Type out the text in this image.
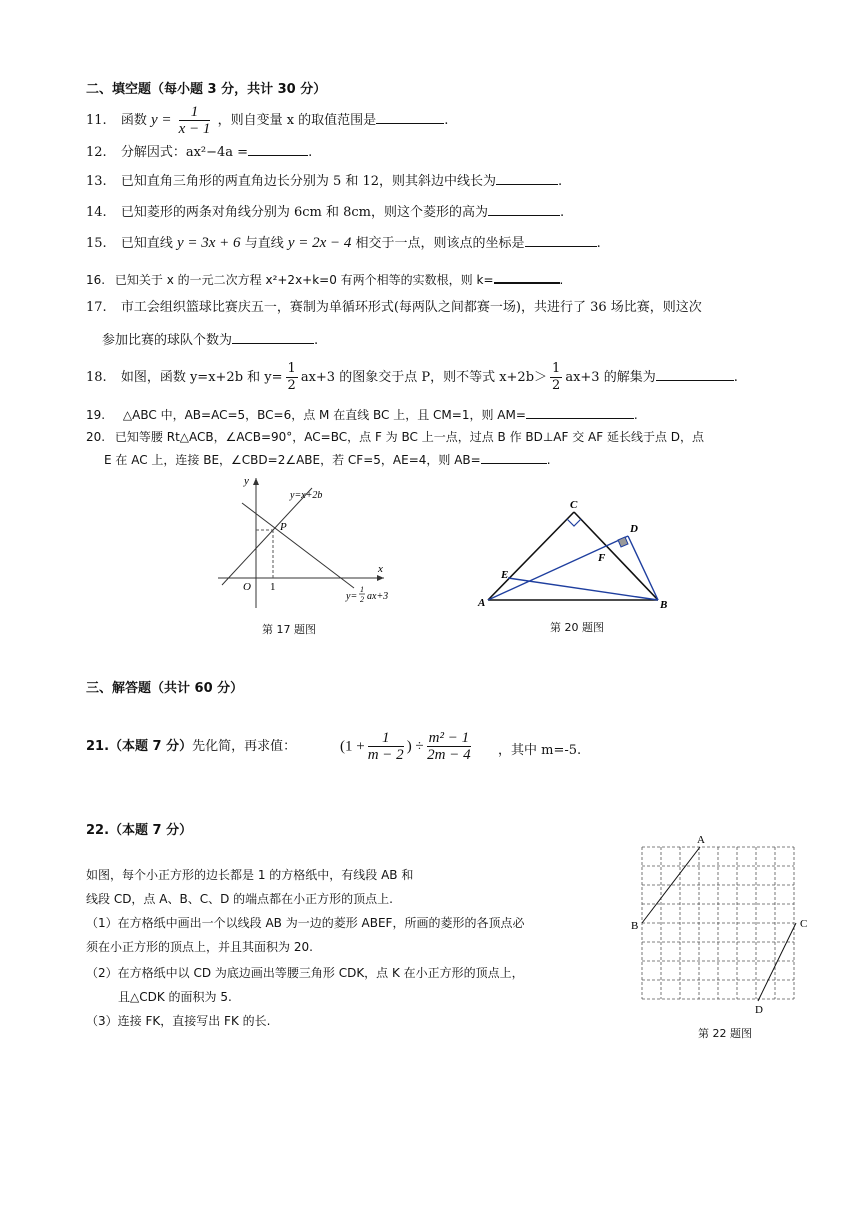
二、填空题（每小题 3 分，共计 30 分）
11. 函数 $y = \frac{1}{x - 1}$ ，则自变量 x 的取值范围是	.
12. 分解因式：ax²−4a =	.
13. 已知直角三角形的两直角边长分别为 5 和 12，则其斜边中线长为	.
14. 已知菱形的两条对角线分别为 6cm 和 8cm，则这个菱形的高为	.
15. 已知直线 y = 3x + 6 与直线 y = 2x − 4 相交于一点，则该点的坐标是	.
16. 已知关于 x 的一元二次方程 x²+2x+k=0 有两个相等的实数根，则 k=	.
17. 市工会组织篮球比赛庆五一，赛制为单循环形式(每两队之间都赛一场)，共进行了 36 场比赛，则这次
参加比赛的球队个数为	.
18. 如图，函数 y=x+2b 和 $y= \frac{1}{2} ax+3$ 的图象交于点 P，则不等式 $x+2b> \frac{1}{2} ax+3$ 的解集为	.
19. △ABC 中，AB=AC=5，BC=6，点 M 在直线 BC 上，且 CM=1，则 AM=	.
20. 已知等腰 Rt△ACB，∠ACB=90°，AC=BC，点 F 为 BC 上一点，过点 B 作 BD⊥AF 交 AF 延长线于点 D，点
E 在 AC 上，连接 BE，∠CBD=2∠ABE，若 CF=5，AE=4，则 AB=	.
y
x
O 1
P
y=x+2b
y=
1
2 ax+3
第 17 题图
C
D
F
E
A	B
第 20 题图
三、解答题（共计 60 分）
21.（本题 7 分）先化简，再求值：	($1 + \frac{1}{m - 2}$ ) ÷ $\frac{\text{m² − 1}}{2m - 4}$ ，其中 m=-5.
22.（本题 7 分）
如图，每个小正方形的边长都是 1 的方格纸中，有线段 AB 和
线段 CD，点 A、B、C、D 的端点都在小正方形的顶点上.
（1）在方格纸中画出一个以线段 AB 为一边的菱形 ABEF，所画的菱形的各顶点必
须在小正方形的顶点上，并且其面积为 20.
（2）在方格纸中以 CD 为底边画出等腰三角形 CDK，点 K 在小正方形的顶点上，
且△CDK 的面积为 5.
（3）连接 FK，直接写出 FK 的长.
A
B	C
D
第 22 题图
